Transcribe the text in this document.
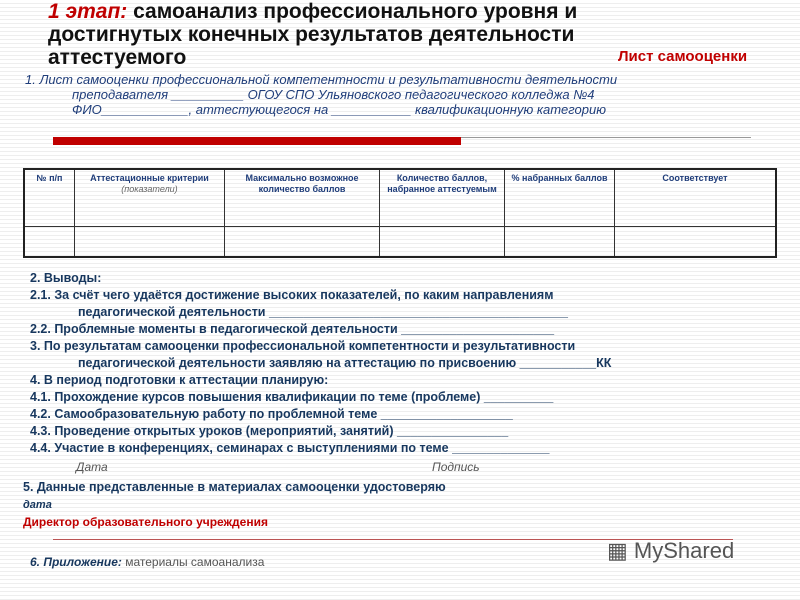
1 этап: самоанализ профессионального уровня и достигнутых конечных результатов деятельности аттестуемого	Лист самооценки
1. Лист самооценки профессиональной компетентности и результативности деятельности
преподавателя __________ ОГОУ СПО Ульяновского педагогического колледжа №4
ФИО____________, аттестующегося на ___________ квалификационную категорию
№ п/п	Аттестационные критерии (показатели)	Максимально возможное количество баллов	Количество баллов, набранное аттестуемым	% набранных баллов	Соответствует

2. Выводы:
2.1. За счёт чего удаётся достижение высоких показателей, по каким направлениям
педагогической деятельности ___________________________________________
2.2. Проблемные моменты в педагогической деятельности ______________________
3. По результатам самооценки профессиональной компетентности и результативности
педагогической деятельности заявляю на аттестацию по присвоению ___________КК
4. В период подготовки к аттестации планирую:
4.1. Прохождение курсов повышения квалификации по теме (проблеме) __________
4.2. Самообразовательную работу по проблемной теме ___________________
4.3. Проведение открытых уроков (мероприятий, занятий) ________________
4.4. Участие в конференциях, семинарах с выступлениями по теме ______________
Дата	Подпись
5. Данные представленные в материалах самооценки удостоверяю
дата
Директор образовательного учреждения
6. Приложение: материалы самоанализа	▦ MyShared
